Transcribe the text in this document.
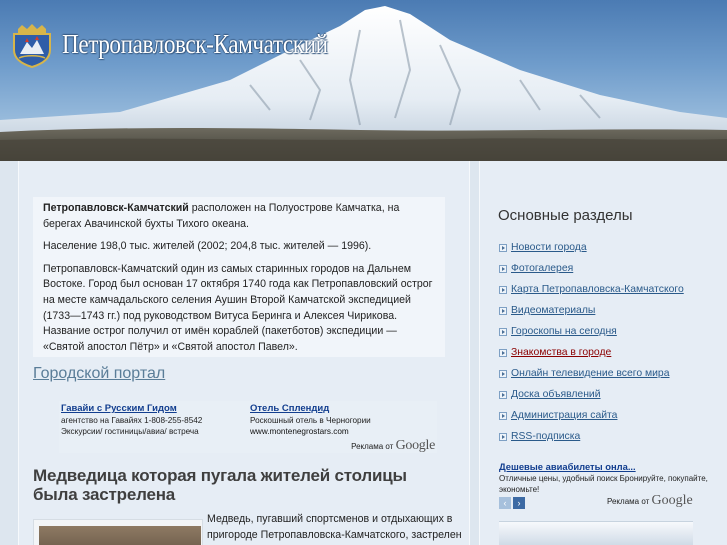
Петропавловск-Камчатский

Петропавловск-Камчатский расположен на Полуострове Камчатка, на берегах Авачинской бухты Тихого океана.

Население 198,0 тыс. жителей (2002; 204,8 тыс. жителей — 1996).

Петропавловск-Камчатский один из самых старинных городов на Дальнем Востоке. Город был основан 17 октября 1740 года как Петропавловский острог на месте камчадальского селения Аушин Второй Камчатской экспедицией (1733—1743 гг.) под руководством Витуса Беринга и Алексея Чирикова. Название острог получил от имён кораблей (пакетботов) экспедиции — «Святой апостол Пётр» и «Святой апостол Павел».

Городской портал
Гавайи с Русским Гидом
агентство на Гавайях 1-808-255-8542
Экскурсии/ гостиницы/авиа/ встреча
Отель Сплендид
Роскошный отель в Черногории
www.montenegrostars.com
Реклама от Google
Медведица которая пугала жителей столицы была застрелена
Медведь, пугавший спортсменов и отдыхающих в пригороде Петропавловска-Камчатского, застрелен
Основные разделы
Новости города
Фотогалерея
Карта Петропавловска-Камчатского
Видеоматериалы
Гороскопы на сегодня
Знакомства в городе
Онлайн телевидение всего мира
Доска объявлений
Администрация сайта
RSS-подписка
Дешевые авиабилеты онла...
Отличные цены, удобный поиск Бронируйте, покупайте, экономьте!
‹	›	Реклама от Google
